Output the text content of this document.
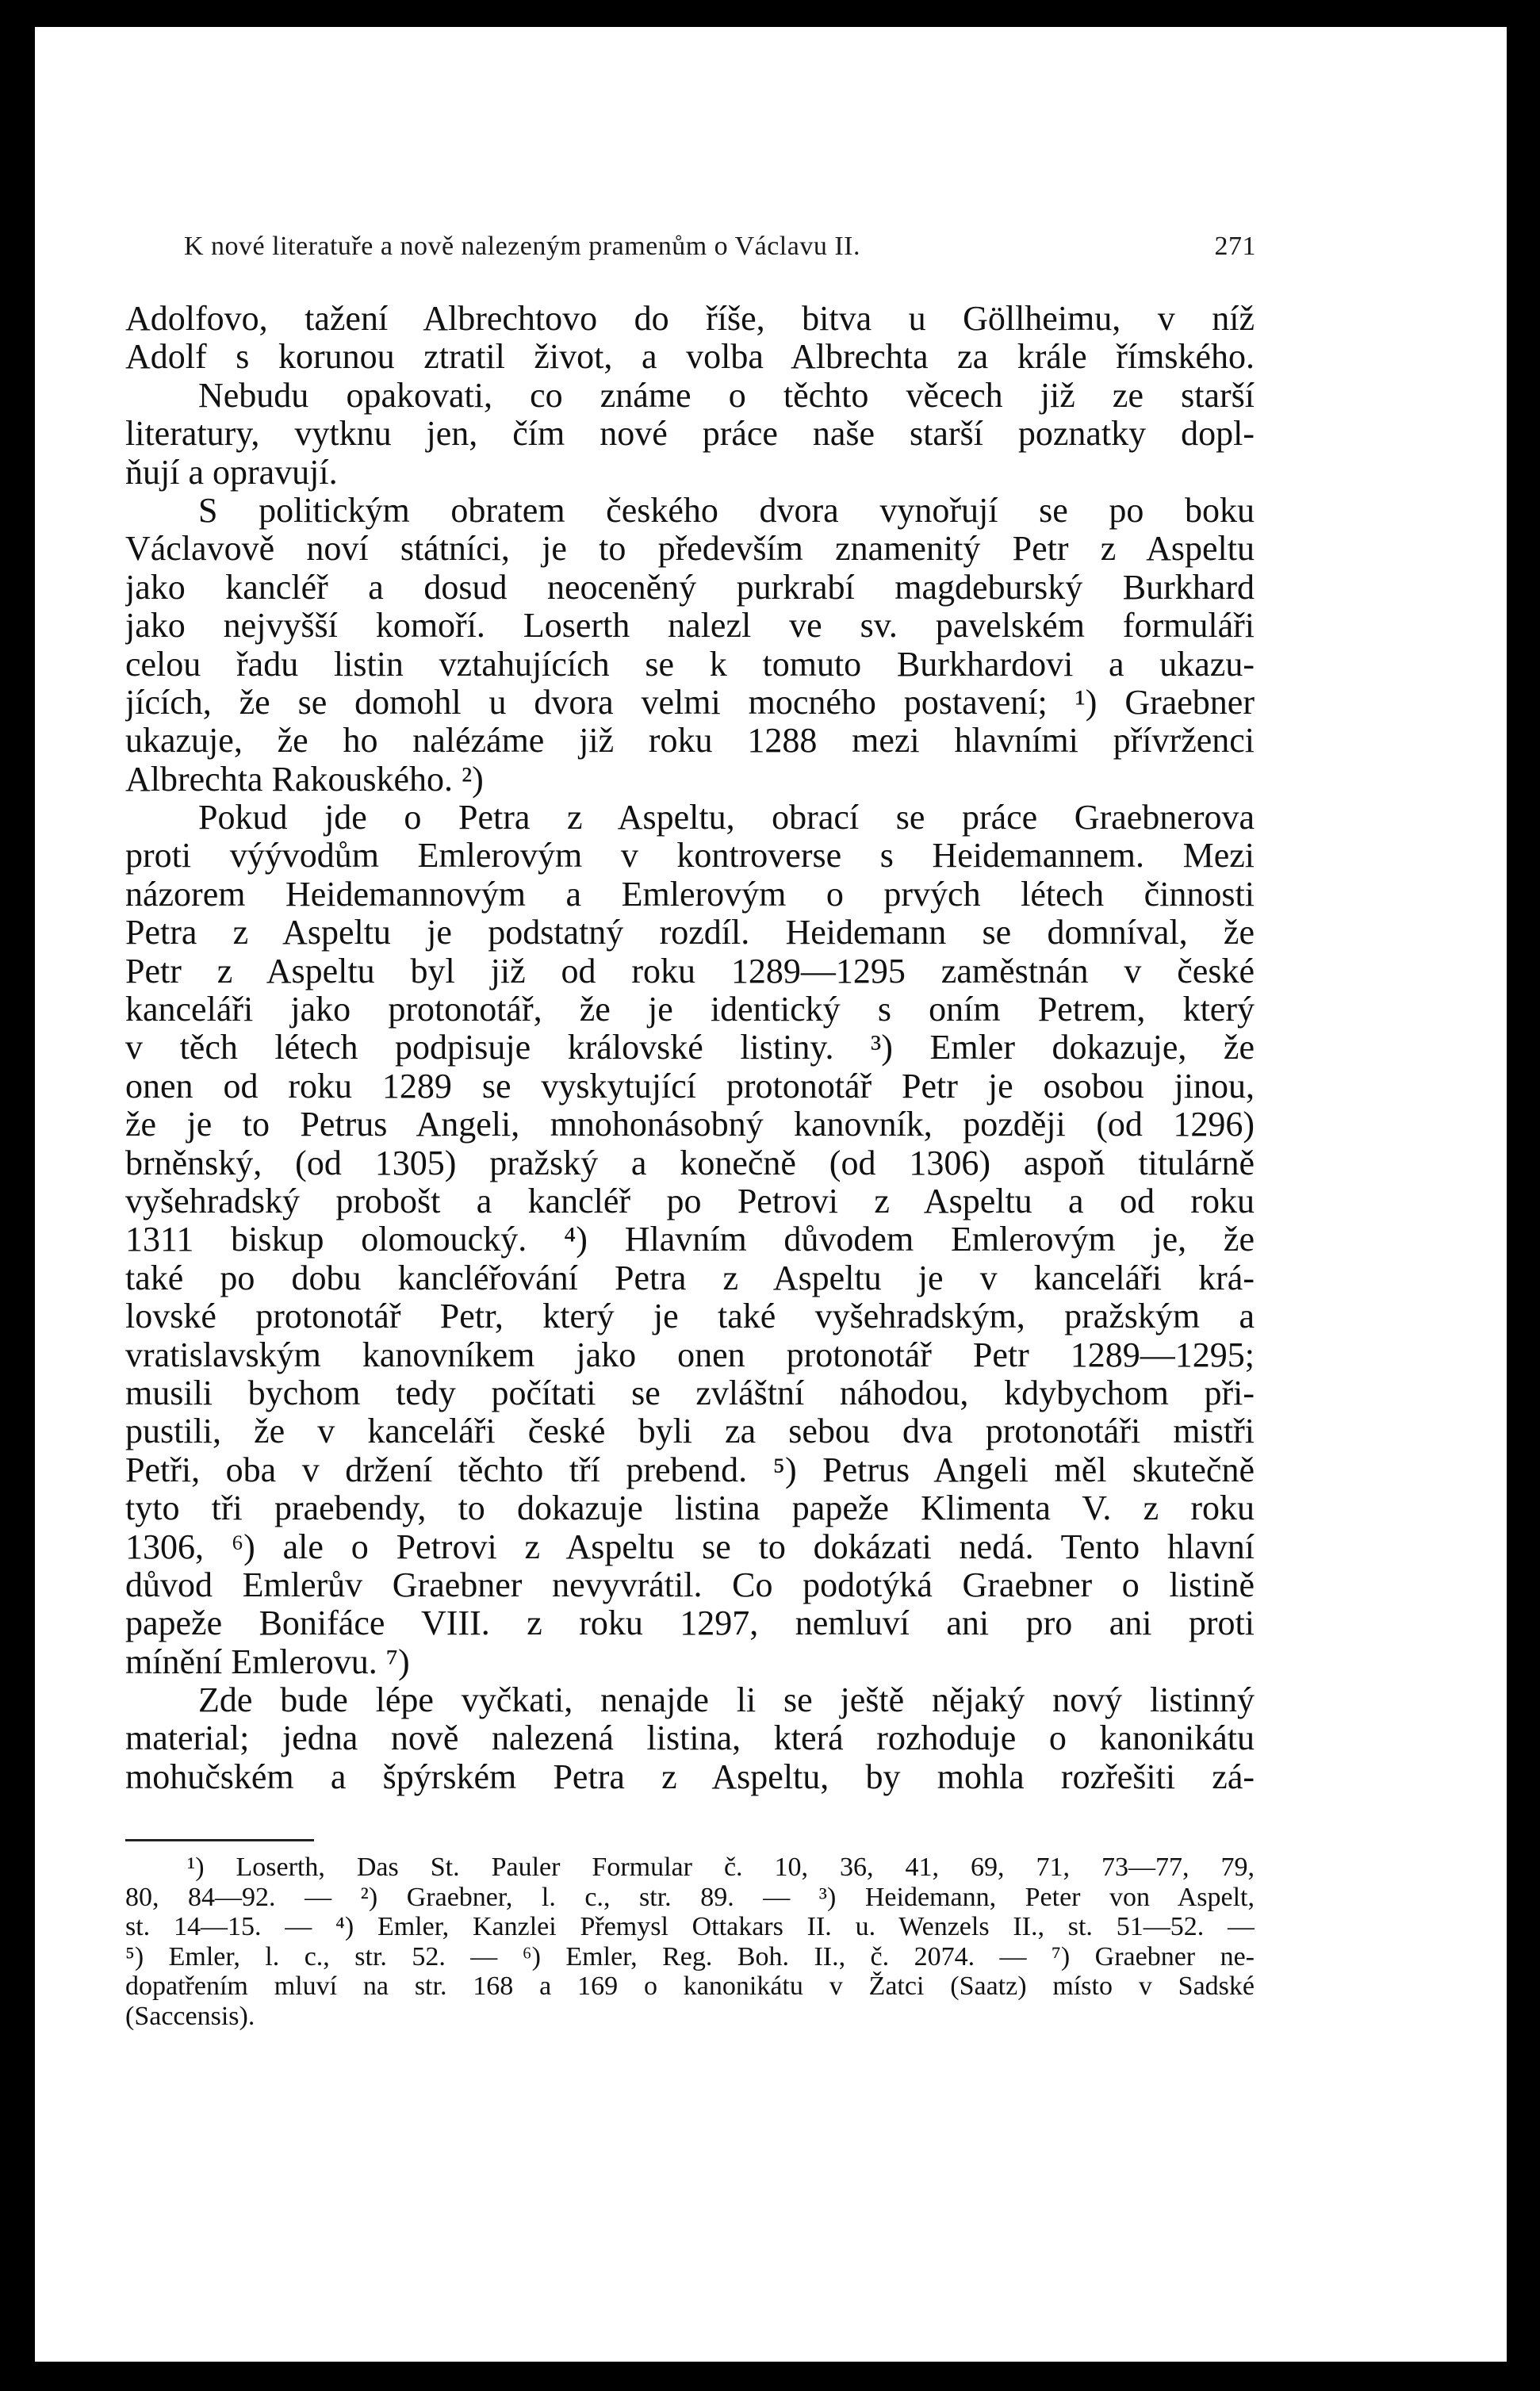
K nové literatuře a nově nalezeným pramenům o Václavu II.	271
Adolfovo, tažení Albrechtovo do říše, bitva u Göllheimu, v níž
Adolf s korunou ztratil život, a volba Albrechta za krále římského.
Nebudu opakovati, co známe o těchto věcech již ze starší
literatury, vytknu jen, čím nové práce naše starší poznatky dopl-
ňují a opravují.
S politickým obratem českého dvora vynořují se po boku
Václavově noví státníci, je to především znamenitý Petr z Aspeltu
jako kancléř a dosud neoceněný purkrabí magdeburský Burkhard
jako nejvyšší komoří. Loserth nalezl ve sv. pavelském formuláři
celou řadu listin vztahujících se k tomuto Burkhardovi a ukazu-
jících, že se domohl u dvora velmi mocného postavení; ¹) Graebner
ukazuje, že ho nalézáme již roku 1288 mezi hlavními přívrženci
Albrechta Rakouského. ²)
Pokud jde o Petra z Aspeltu, obrací se práce Graebnerova
proti výývodům Emlerovým v kontroverse s Heidemannem. Mezi
názorem Heidemannovým a Emlerovým o prvých létech činnosti
Petra z Aspeltu je podstatný rozdíl. Heidemann se domníval, že
Petr z Aspeltu byl již od roku 1289—1295 zaměstnán v české
kanceláři jako protonotář, že je identický s oním Petrem, který
v těch létech podpisuje královské listiny. ³) Emler dokazuje, že
onen od roku 1289 se vyskytující protonotář Petr je osobou jinou,
že je to Petrus Angeli, mnohonásobný kanovník, později (od 1296)
brněnský, (od 1305) pražský a konečně (od 1306) aspoň titulárně
vyšehradský probošt a kancléř po Petrovi z Aspeltu a od roku
1311 biskup olomoucký. ⁴) Hlavním důvodem Emlerovým je, že
také po dobu kancléřování Petra z Aspeltu je v kanceláři krá-
lovské protonotář Petr, který je také vyšehradským, pražským a
vratislavským kanovníkem jako onen protonotář Petr 1289—1295;
musili bychom tedy počítati se zvláštní náhodou, kdybychom při-
pustili, že v kanceláři české byli za sebou dva protonotáři mistři
Petři, oba v držení těchto tří prebend. ⁵) Petrus Angeli měl skutečně
tyto tři praebendy, to dokazuje listina papeže Klimenta V. z roku
1306, ⁶) ale o Petrovi z Aspeltu se to dokázati nedá. Tento hlavní
důvod Emlerův Graebner nevyvrátil. Co podotýká Graebner o listině
papeže Bonifáce VIII. z roku 1297, nemluví ani pro ani proti
mínění Emlerovu. ⁷)
Zde bude lépe vyčkati, nenajde li se ještě nějaký nový listinný
material; jedna nově nalezená listina, která rozhoduje o kanonikátu
mohučském a špýrském Petra z Aspeltu, by mohla rozřešiti zá-
¹) Loserth, Das St. Pauler Formular č. 10, 36, 41, 69, 71, 73—77, 79,
80, 84—92. — ²) Graebner, l. c., str. 89. — ³) Heidemann, Peter von Aspelt,
st. 14—15. — ⁴) Emler, Kanzlei Přemysl Ottakars II. u. Wenzels II., st. 51—52. —
⁵) Emler, l. c., str. 52. — ⁶) Emler, Reg. Boh. II., č. 2074. — ⁷) Graebner ne-
dopatřením mluví na str. 168 a 169 o kanonikátu v Žatci (Saatz) místo v Sadské
(Saccensis).
